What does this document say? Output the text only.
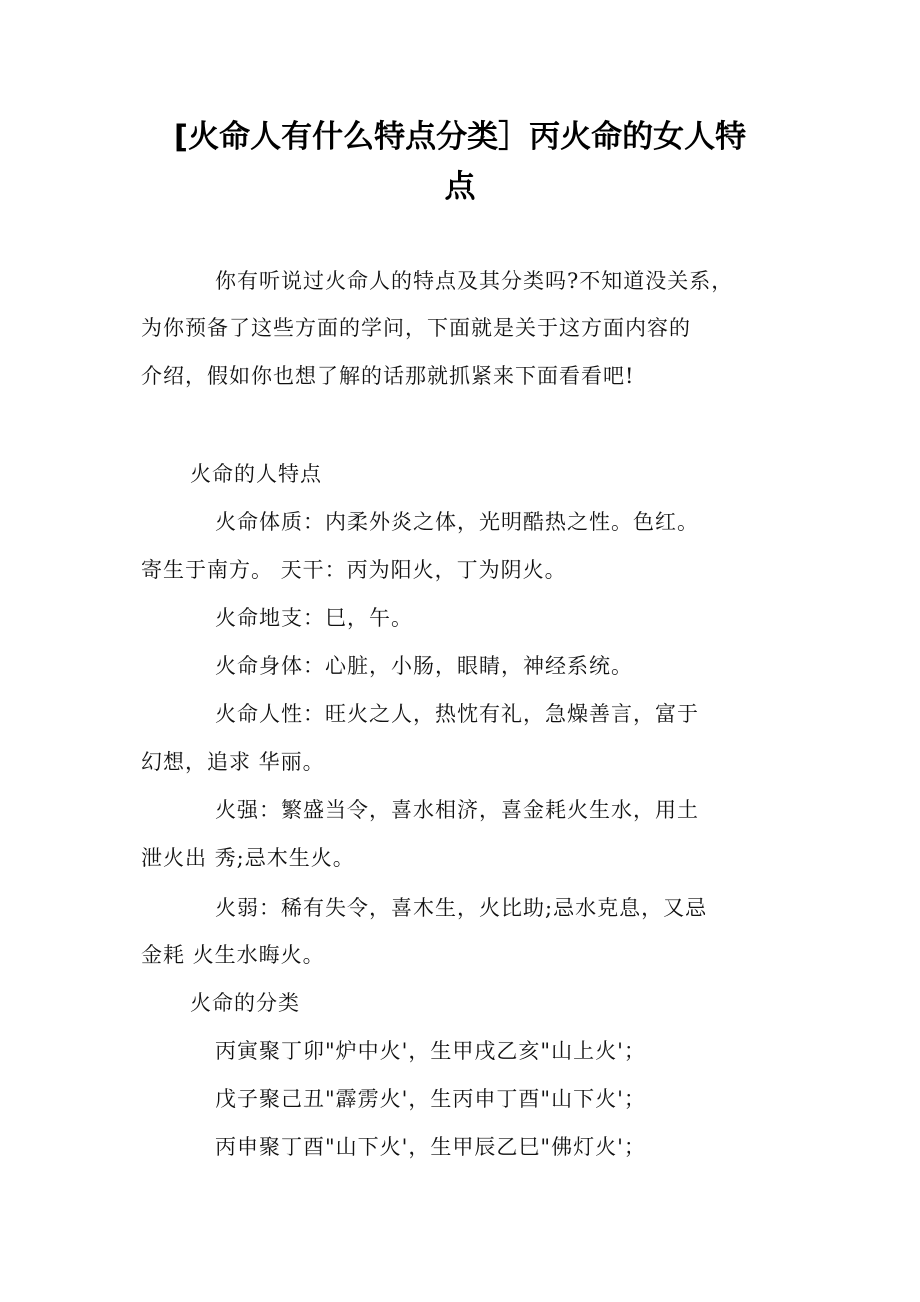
[火命人有什么特点分类］丙火命的女人特
点

你有听说过火命人的特点及其分类吗?不知道没关系，

为你预备了这些方面的学问，下面就是关于这方面内容的

介绍，假如你也想了解的话那就抓紧来下面看看吧!

火命的人特点

火命体质：内柔外炎之体，光明酷热之性。色红。

寄生于南方。 天干：丙为阳火，丁为阴火。

火命地支：巳，午。

火命身体：心脏，小肠，眼睛，神经系统。

火命人性：旺火之人，热忱有礼，急燥善言，富于

幻想，追求 华丽。

火强：繁盛当令，喜水相济，喜金耗火生水，用土

泄火出 秀;忌木生火。

火弱：稀有失令，喜木生，火比助;忌水克息，又忌

金耗 火生水晦火。

火命的分类

丙寅聚丁卯"炉中火'，生甲戌乙亥"山上火'；

戊子聚己丑"霹雳火'，生丙申丁酉"山下火'；

丙申聚丁酉"山下火'，生甲辰乙巳"佛灯火'；
